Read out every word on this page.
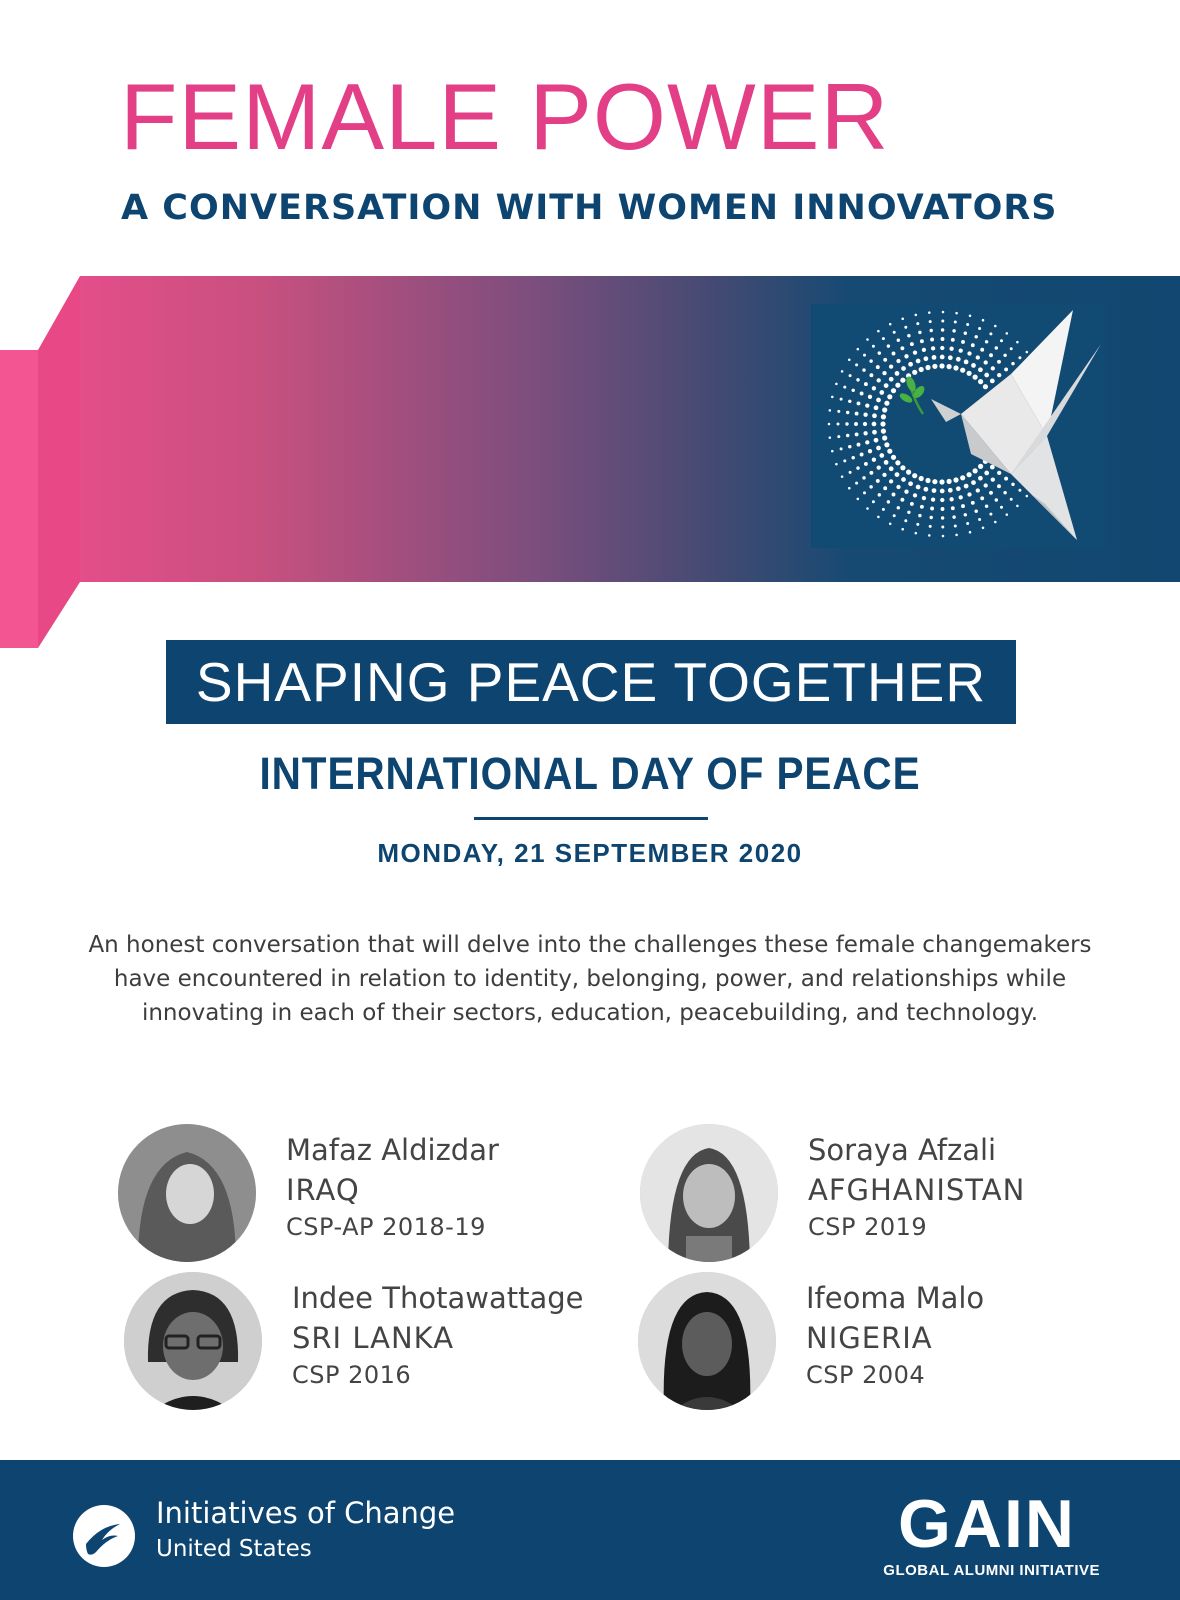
FEMALE POWER
A CONVERSATION WITH WOMEN INNOVATORS
SHAPING PEACE TOGETHER
INTERNATIONAL DAY OF PEACE
MONDAY, 21 SEPTEMBER 2020

An honest conversation that will delve into the challenges these female changemakers have encountered in relation to identity, belonging, power, and relationships while innovating in each of their sectors, education, peacebuilding, and technology.

Mafaz Aldizdar
IRAQ
CSP-AP 2018-19
Soraya Afzali
AFGHANISTAN
CSP 2019
Indee Thotawattage
SRI LANKA
CSP 2016
Ifeoma Malo
NIGERIA
CSP 2004
Initiatives of Change
United States	GAIN
GLOBAL ALUMNI INITIATIVE
